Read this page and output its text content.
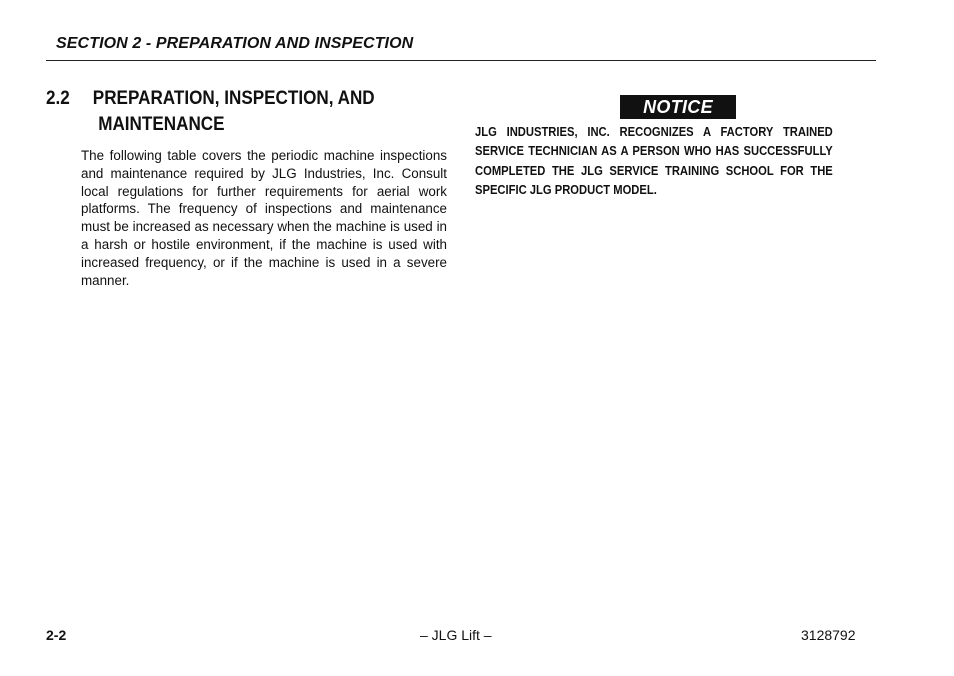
SECTION 2 - PREPARATION AND INSPECTION
2.2 PREPARATION, INSPECTION, AND
MAINTENANCE
The following table covers the periodic machine inspections and maintenance required by JLG Industries, Inc. Consult local regulations for further requirements for aerial work platforms. The frequency of inspections and maintenance must be increased as necessary when the machine is used in a harsh or hostile environment, if the machine is used with increased frequency, or if the machine is used in a severe manner.
NOTICE
JLG INDUSTRIES, INC. RECOGNIZES A FACTORY TRAINED SERVICE TECHNICIAN AS A PERSON WHO HAS SUCCESSFULLY COMPLETED THE JLG SERVICE TRAINING SCHOOL FOR THE SPECIFIC JLG PRODUCT MODEL.
2-2	– JLG Lift –	3128792
